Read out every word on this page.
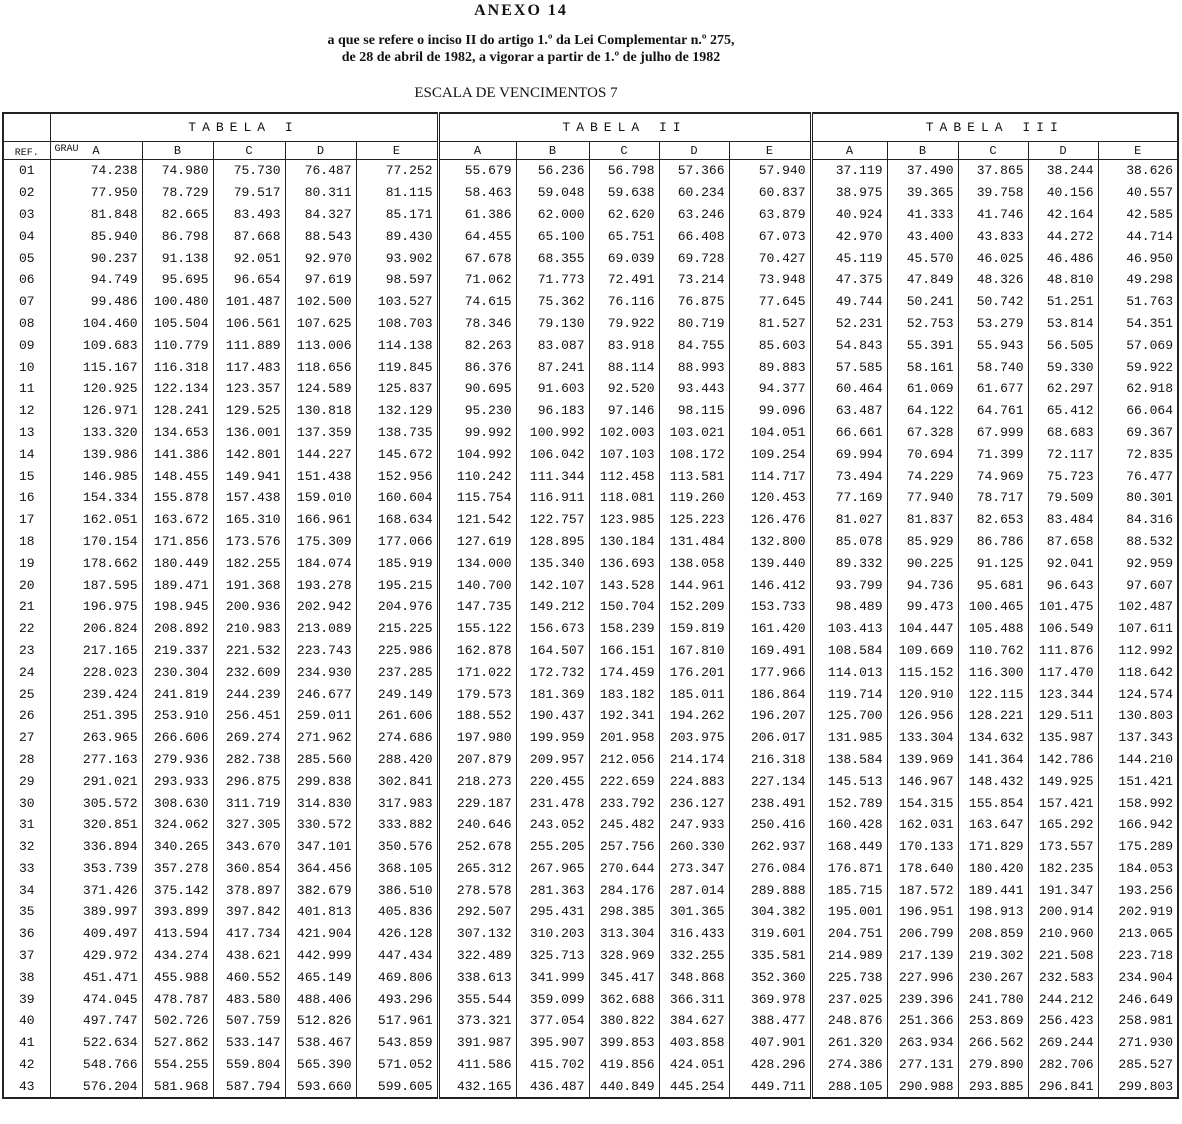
ANEXO 14
a que se refere o inciso II do artigo 1.º da Lei Complementar n.º 275,
de 28 de abril de 1982, a vigorar a partir de 1.º de julho de 1982
ESCALA DE VENCIMENTOS 7
	TABELA I					TABELA II					TABELA III				
REF.	GRAU A	B	C	D	E	A	B	C	D	E	A	B	C	D	E
01	74.238	74.980	75.730	76.487	77.252	55.679	56.236	56.798	57.366	57.940	37.119	37.490	37.865	38.244	38.626
02	77.950	78.729	79.517	80.311	81.115	58.463	59.048	59.638	60.234	60.837	38.975	39.365	39.758	40.156	40.557
03	81.848	82.665	83.493	84.327	85.171	61.386	62.000	62.620	63.246	63.879	40.924	41.333	41.746	42.164	42.585
04	85.940	86.798	87.668	88.543	89.430	64.455	65.100	65.751	66.408	67.073	42.970	43.400	43.833	44.272	44.714
05	90.237	91.138	92.051	92.970	93.902	67.678	68.355	69.039	69.728	70.427	45.119	45.570	46.025	46.486	46.950
06	94.749	95.695	96.654	97.619	98.597	71.062	71.773	72.491	73.214	73.948	47.375	47.849	48.326	48.810	49.298
07	99.486	100.480	101.487	102.500	103.527	74.615	75.362	76.116	76.875	77.645	49.744	50.241	50.742	51.251	51.763
08	104.460	105.504	106.561	107.625	108.703	78.346	79.130	79.922	80.719	81.527	52.231	52.753	53.279	53.814	54.351
09	109.683	110.779	111.889	113.006	114.138	82.263	83.087	83.918	84.755	85.603	54.843	55.391	55.943	56.505	57.069
10	115.167	116.318	117.483	118.656	119.845	86.376	87.241	88.114	88.993	89.883	57.585	58.161	58.740	59.330	59.922
11	120.925	122.134	123.357	124.589	125.837	90.695	91.603	92.520	93.443	94.377	60.464	61.069	61.677	62.297	62.918
12	126.971	128.241	129.525	130.818	132.129	95.230	96.183	97.146	98.115	99.096	63.487	64.122	64.761	65.412	66.064
13	133.320	134.653	136.001	137.359	138.735	99.992	100.992	102.003	103.021	104.051	66.661	67.328	67.999	68.683	69.367
14	139.986	141.386	142.801	144.227	145.672	104.992	106.042	107.103	108.172	109.254	69.994	70.694	71.399	72.117	72.835
15	146.985	148.455	149.941	151.438	152.956	110.242	111.344	112.458	113.581	114.717	73.494	74.229	74.969	75.723	76.477
16	154.334	155.878	157.438	159.010	160.604	115.754	116.911	118.081	119.260	120.453	77.169	77.940	78.717	79.509	80.301
17	162.051	163.672	165.310	166.961	168.634	121.542	122.757	123.985	125.223	126.476	81.027	81.837	82.653	83.484	84.316
18	170.154	171.856	173.576	175.309	177.066	127.619	128.895	130.184	131.484	132.800	85.078	85.929	86.786	87.658	88.532
19	178.662	180.449	182.255	184.074	185.919	134.000	135.340	136.693	138.058	139.440	89.332	90.225	91.125	92.041	92.959
20	187.595	189.471	191.368	193.278	195.215	140.700	142.107	143.528	144.961	146.412	93.799	94.736	95.681	96.643	97.607
21	196.975	198.945	200.936	202.942	204.976	147.735	149.212	150.704	152.209	153.733	98.489	99.473	100.465	101.475	102.487
22	206.824	208.892	210.983	213.089	215.225	155.122	156.673	158.239	159.819	161.420	103.413	104.447	105.488	106.549	107.611
23	217.165	219.337	221.532	223.743	225.986	162.878	164.507	166.151	167.810	169.491	108.584	109.669	110.762	111.876	112.992
24	228.023	230.304	232.609	234.930	237.285	171.022	172.732	174.459	176.201	177.966	114.013	115.152	116.300	117.470	118.642
25	239.424	241.819	244.239	246.677	249.149	179.573	181.369	183.182	185.011	186.864	119.714	120.910	122.115	123.344	124.574
26	251.395	253.910	256.451	259.011	261.606	188.552	190.437	192.341	194.262	196.207	125.700	126.956	128.221	129.511	130.803
27	263.965	266.606	269.274	271.962	274.686	197.980	199.959	201.958	203.975	206.017	131.985	133.304	134.632	135.987	137.343
28	277.163	279.936	282.738	285.560	288.420	207.879	209.957	212.056	214.174	216.318	138.584	139.969	141.364	142.786	144.210
29	291.021	293.933	296.875	299.838	302.841	218.273	220.455	222.659	224.883	227.134	145.513	146.967	148.432	149.925	151.421
30	305.572	308.630	311.719	314.830	317.983	229.187	231.478	233.792	236.127	238.491	152.789	154.315	155.854	157.421	158.992
31	320.851	324.062	327.305	330.572	333.882	240.646	243.052	245.482	247.933	250.416	160.428	162.031	163.647	165.292	166.942
32	336.894	340.265	343.670	347.101	350.576	252.678	255.205	257.756	260.330	262.937	168.449	170.133	171.829	173.557	175.289
33	353.739	357.278	360.854	364.456	368.105	265.312	267.965	270.644	273.347	276.084	176.871	178.640	180.420	182.235	184.053
34	371.426	375.142	378.897	382.679	386.510	278.578	281.363	284.176	287.014	289.888	185.715	187.572	189.441	191.347	193.256
35	389.997	393.899	397.842	401.813	405.836	292.507	295.431	298.385	301.365	304.382	195.001	196.951	198.913	200.914	202.919
36	409.497	413.594	417.734	421.904	426.128	307.132	310.203	313.304	316.433	319.601	204.751	206.799	208.859	210.960	213.065
37	429.972	434.274	438.621	442.999	447.434	322.489	325.713	328.969	332.255	335.581	214.989	217.139	219.302	221.508	223.718
38	451.471	455.988	460.552	465.149	469.806	338.613	341.999	345.417	348.868	352.360	225.738	227.996	230.267	232.583	234.904
39	474.045	478.787	483.580	488.406	493.296	355.544	359.099	362.688	366.311	369.978	237.025	239.396	241.780	244.212	246.649
40	497.747	502.726	507.759	512.826	517.961	373.321	377.054	380.822	384.627	388.477	248.876	251.366	253.869	256.423	258.981
41	522.634	527.862	533.147	538.467	543.859	391.987	395.907	399.853	403.858	407.901	261.320	263.934	266.562	269.244	271.930
42	548.766	554.255	559.804	565.390	571.052	411.586	415.702	419.856	424.051	428.296	274.386	277.131	279.890	282.706	285.527
43	576.204	581.968	587.794	593.660	599.605	432.165	436.487	440.849	445.254	449.711	288.105	290.988	293.885	296.841	299.803
